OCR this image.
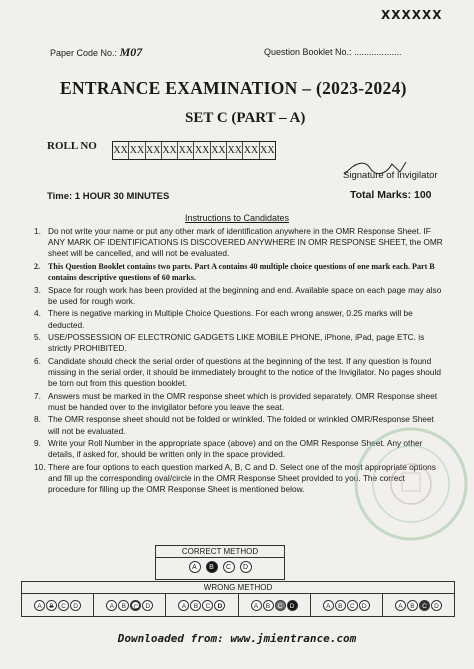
XXXXXX
Paper Code No.: M07	Question Booklet No.: ...................
ENTRANCE EXAMINATION – (2023-2024)
SET C (PART – A)
ROLL NO XX XX XX XX XX XX XX XX XX XX
Signature of Invigilator
Time: 1 HOUR 30 MINUTES	Total Marks: 100
Instructions to Candidates
1. Do not write your name or put any other mark of identification anywhere in the OMR Response Sheet. IF ANY MARK OF IDENTIFICATIONS IS DISCOVERED ANYWHERE IN OMR RESPONSE SHEET, the OMR sheet will be cancelled, and will not be evaluated.
2. This Question Booklet contains two parts. Part A contains 40 multiple choice questions of one mark each. Part B contains descriptive questions of 60 marks.
3. Space for rough work has been provided at the beginning and end. Available space on each page may also be used for rough work.
4. There is negative marking in Multiple Choice Questions. For each wrong answer, 0.25 marks will be deducted.
5. USE/POSSESSION OF ELECTRONIC GADGETS LIKE MOBILE PHONE, iPhone, iPad, page ETC. is strictly PROHIBITED.
6. Candidate should check the serial order of questions at the beginning of the test. If any question is found missing in the serial order, it should be immediately brought to the notice of the Invigilator. No pages should be torn out from this question booklet.
7. Answers must be marked in the OMR response sheet which is provided separately. OMR Response sheet must be handed over to the invigilator before you leave the seat.
8. The OMR response sheet should not be folded or wrinkled. The folded or wrinkled OMR/Response Sheet will not be evaluated.
9. Write your Roll Number in the appropriate space (above) and on the OMR Response Sheet. Any other details, if asked for, should be written only in the space provided.
10. There are four options to each question marked A, B, C and D. Select one of the most appropriate options and fill up the corresponding oval/circle in the OMR Response Sheet provided to you. The correct procedure for filling up the OMR Response Sheet is mentioned below.
CORRECT METHOD
A	B	C	D
WRONG METHOD
A	B	C	D	A	B	C	D	A	B	C	D	A	B	C	D	A	B	C	D	A	B	C	D
Downloaded from: www.jmientrance.com
